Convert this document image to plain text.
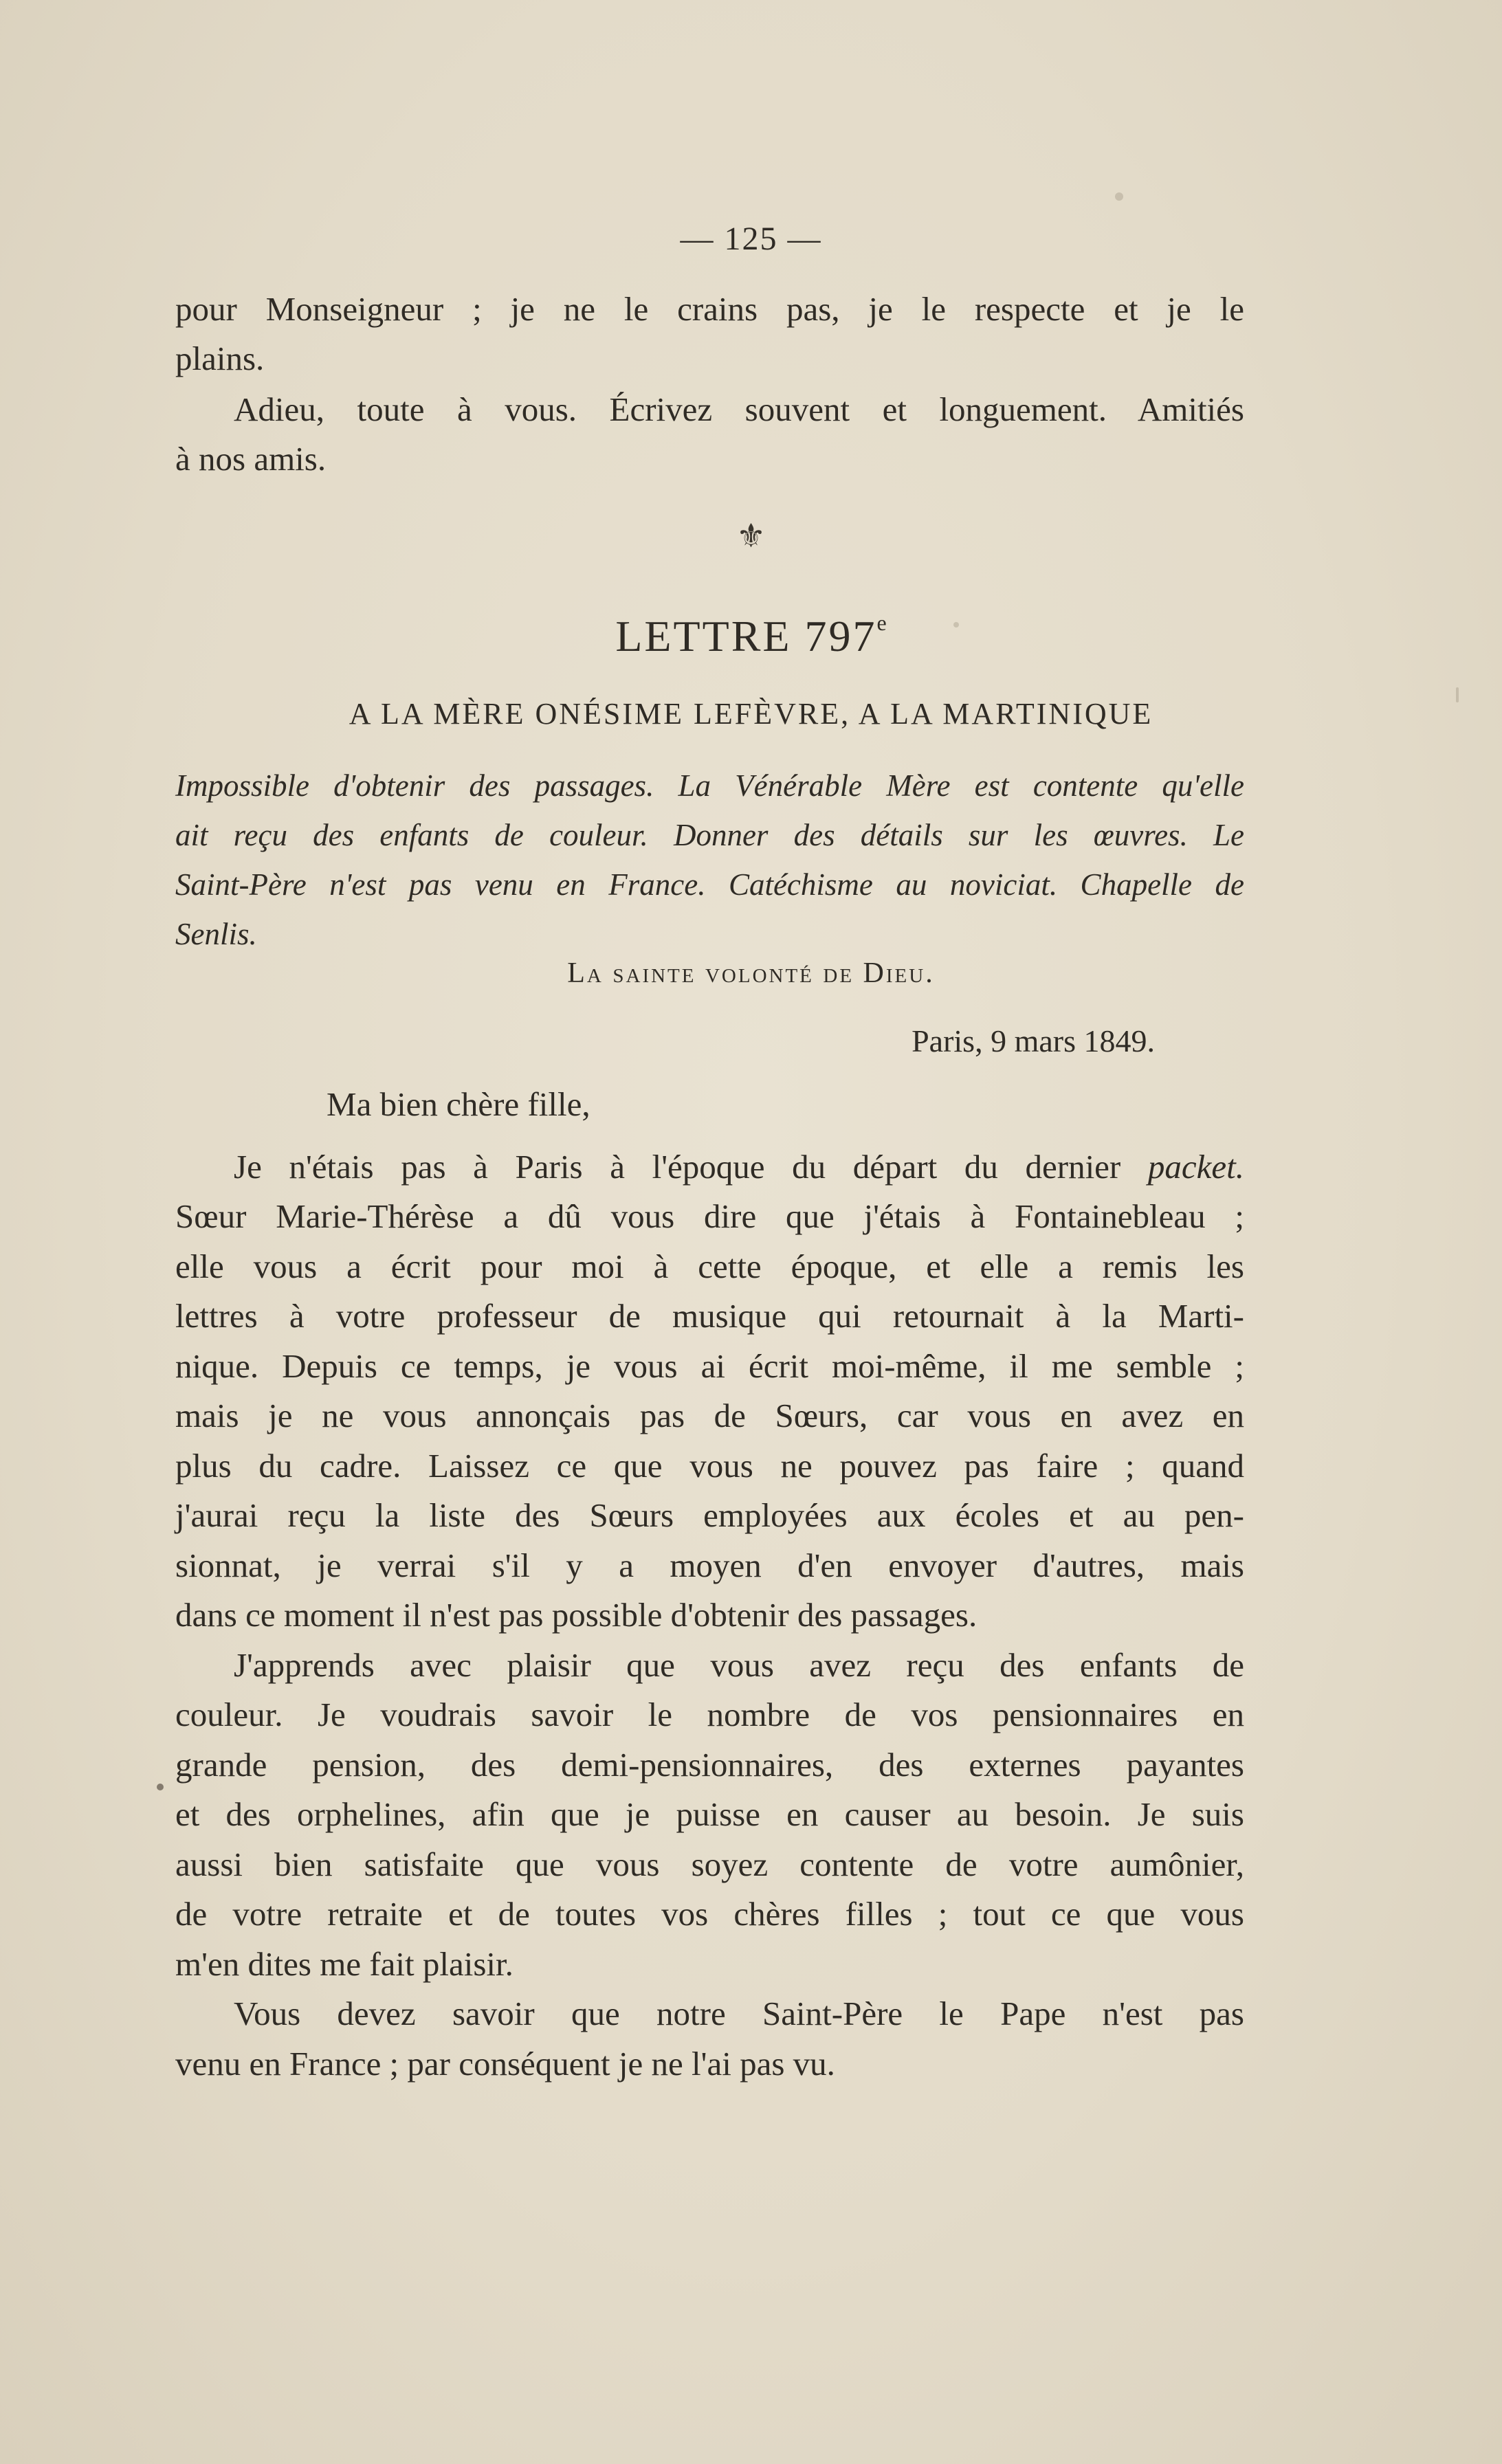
— 125 —
pour Monseigneur ; je ne le crains pas, je le respecte et je le
plains.
Adieu, toute à vous. Écrivez souvent et longuement. Amitiés
à nos amis.
⚜
LETTRE 797e
A LA MÈRE ONÉSIME LEFÈVRE, A LA MARTINIQUE
Impossible d'obtenir des passages. La Vénérable Mère est contente qu'elle
ait reçu des enfants de couleur. Donner des détails sur les œuvres. Le
Saint-Père n'est pas venu en France. Catéchisme au noviciat. Chapelle de
Senlis.
La sainte volonté de Dieu.
Paris, 9 mars 1849.
Ma bien chère fille,
Je n'étais pas à Paris à l'époque du départ du dernier packet.
Sœur Marie-Thérèse a dû vous dire que j'étais à Fontainebleau ;
elle vous a écrit pour moi à cette époque, et elle a remis les
lettres à votre professeur de musique qui retournait à la Marti-
nique. Depuis ce temps, je vous ai écrit moi-même, il me semble ;
mais je ne vous annonçais pas de Sœurs, car vous en avez en
plus du cadre. Laissez ce que vous ne pouvez pas faire ; quand
j'aurai reçu la liste des Sœurs employées aux écoles et au pen-
sionnat, je verrai s'il y a moyen d'en envoyer d'autres, mais
dans ce moment il n'est pas possible d'obtenir des passages.
J'apprends avec plaisir que vous avez reçu des enfants de
couleur. Je voudrais savoir le nombre de vos pensionnaires en
grande pension, des demi-pensionnaires, des externes payantes
et des orphelines, afin que je puisse en causer au besoin. Je suis
aussi bien satisfaite que vous soyez contente de votre aumônier,
de votre retraite et de toutes vos chères filles ; tout ce que vous
m'en dites me fait plaisir.
Vous devez savoir que notre Saint-Père le Pape n'est pas
venu en France ; par conséquent je ne l'ai pas vu.
